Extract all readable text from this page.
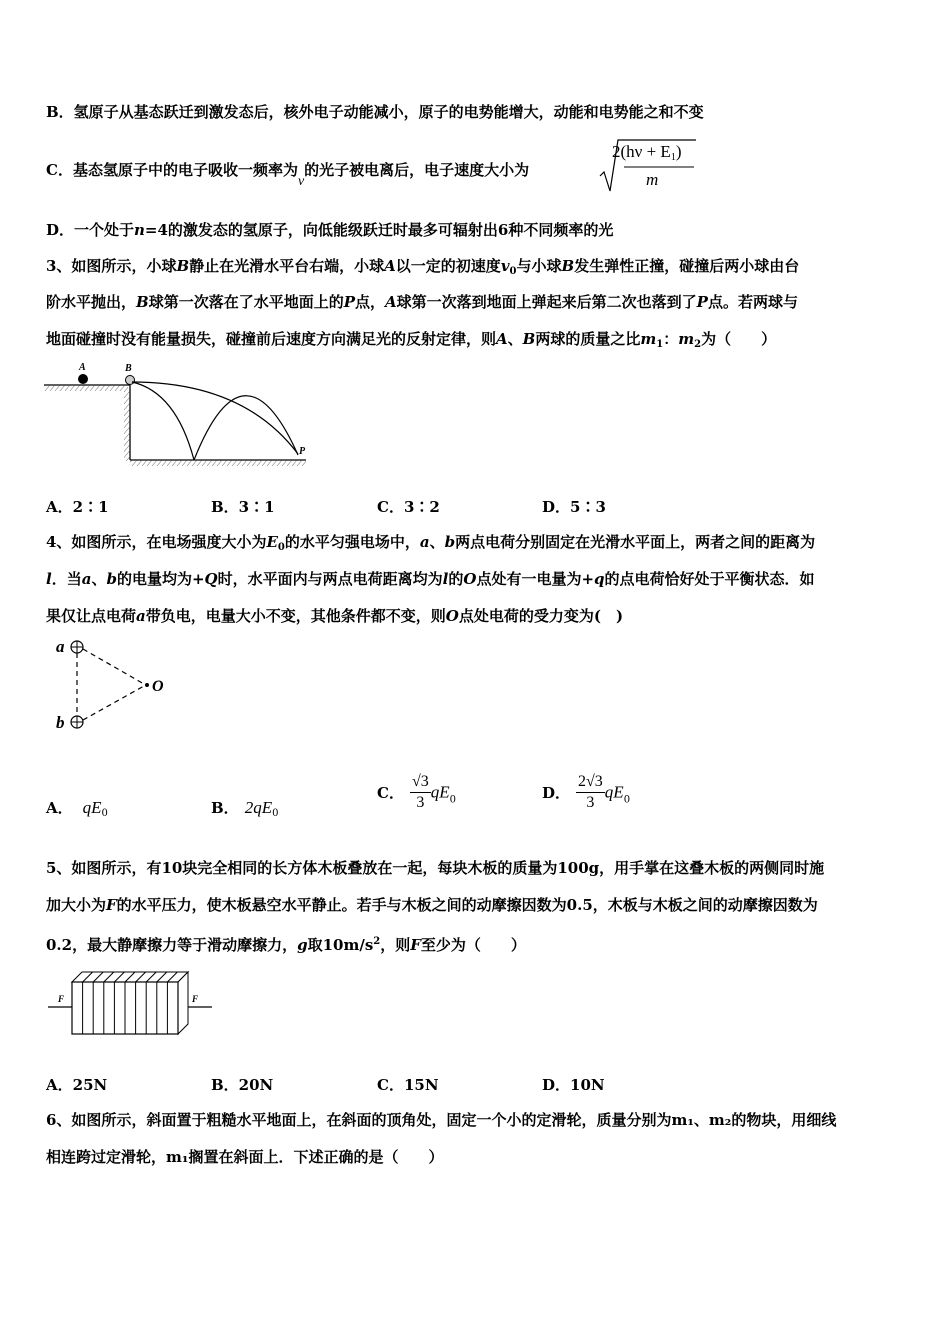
B．氢原子从基态跃迁到激发态后，核外电子动能减小，原子的电势能增大，动能和电势能之和不变
C．基态氢原子中的电子吸收一频率为ν的光子被电离后，电子速度大小为
$2(h\nu + E_1)$
m
D．一个处于n=4的激发态的氢原子，向低能级跃迁时最多可辐射出6种不同频率的光
3、如图所示，小球B静止在光滑水平台右端，小球A以一定的初速度$v_0$与小球B发生弹性正撞，碰撞后两小球由台
阶水平抛出，B球第一次落在了水平地面上的P点，A球第一次落到地面上弹起来后第二次也落到了P点。若两球与
地面碰撞时没有能量损失，碰撞前后速度方向满足光的反射定律，则A、B两球的质量之比$m_1$：$m_2$为（　　）
A	B
P
A．2∶1	B．3∶1	C．3∶2	D．5∶3
4、如图所示，在电场强度大小为$E_0$的水平匀强电场中，a、b两点电荷分别固定在光滑水平面上，两者之间的距离为
l．当a、b的电量均为+Q时，水平面内与两点电荷距离均为l的O点处有一电量为+q的点电荷恰好处于平衡状态．如
果仅让点电荷a带负电，电量大小不变，其他条件都不变，则O点处电荷的受力变为(　)
a
b
O
A． $qE_0$	B． $2qE_0$
C． $\frac{√3}{3} qE_0$	D． $\frac{2√3}{3} qE_0$
5、如图所示，有10块完全相同的长方体木板叠放在一起，每块木板的质量为100g，用手掌在这叠木板的两侧同时施
加大小为F的水平压力，使木板悬空水平静止。若手与木板之间的动摩擦因数为0.5，木板与木板之间的动摩擦因数为
0.2，最大静摩擦力等于滑动摩擦力，g取$10m/s^2$，则F至少为（　　）
F	F
A．25N	B．20N	C．15N	D．10N
6、如图所示，斜面置于粗糙水平地面上，在斜面的顶角处，固定一个小的定滑轮，质量分别为m₁、m₂的物块，用细线
相连跨过定滑轮，m₁搁置在斜面上．下述正确的是（　　）
